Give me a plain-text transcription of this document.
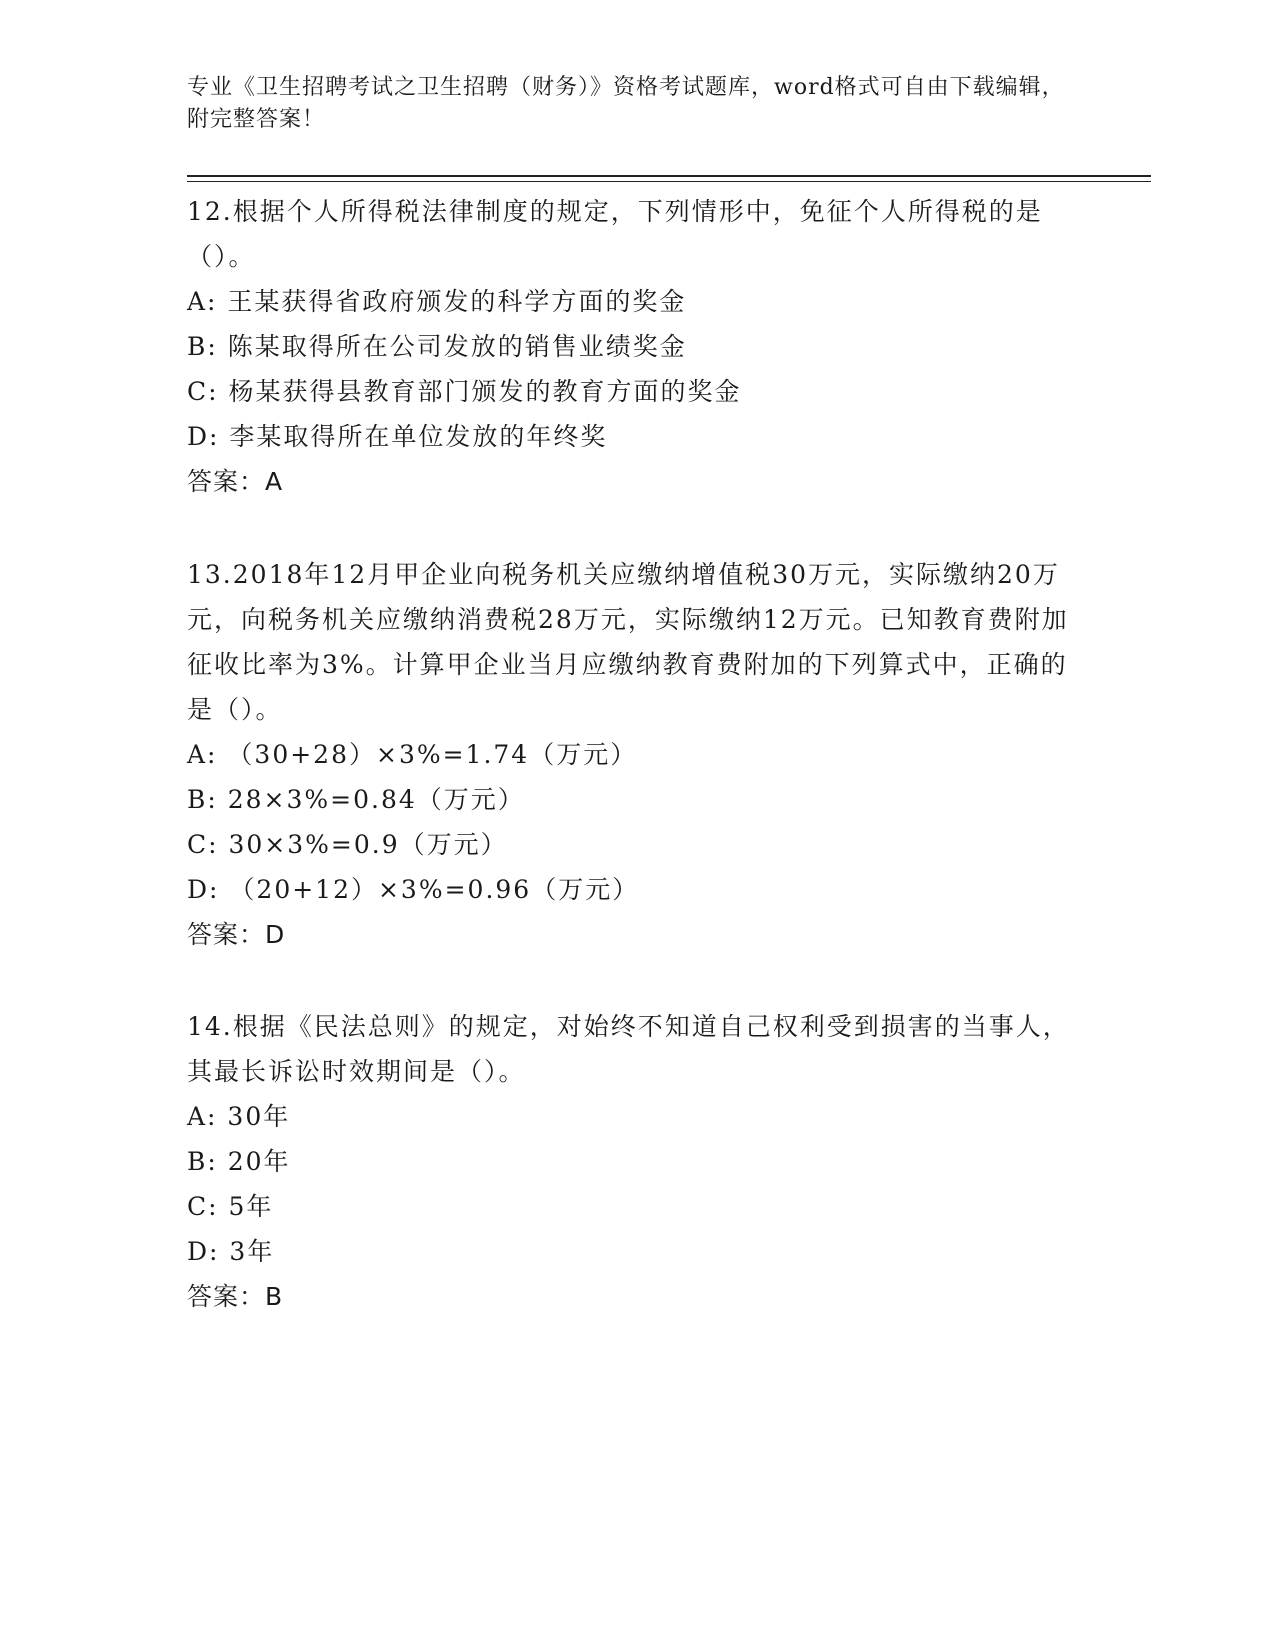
专业《卫生招聘考试之卫生招聘（财务）》资格考试题库，word格式可自由下载编辑，附完整答案！
12.根据个人所得税法律制度的规定，下列情形中，免征个人所得税的是（）。
A: 王某获得省政府颁发的科学方面的奖金
B: 陈某取得所在公司发放的销售业绩奖金
C: 杨某获得县教育部门颁发的教育方面的奖金
D: 李某取得所在单位发放的年终奖
答案：A
13.2018年12月甲企业向税务机关应缴纳增值税30万元，实际缴纳20万元，向税务机关应缴纳消费税28万元，实际缴纳12万元。已知教育费附加征收比率为3%。计算甲企业当月应缴纳教育费附加的下列算式中，正确的是（）。
A: （30+28）×3%=1.74（万元）
B: 28×3%=0.84（万元）
C: 30×3%=0.9（万元）
D: （20+12）×3%=0.96（万元）
答案：D
14.根据《民法总则》的规定，对始终不知道自己权利受到损害的当事人，其最长诉讼时效期间是（）。
A: 30年
B: 20年
C: 5年
D: 3年
答案：B
